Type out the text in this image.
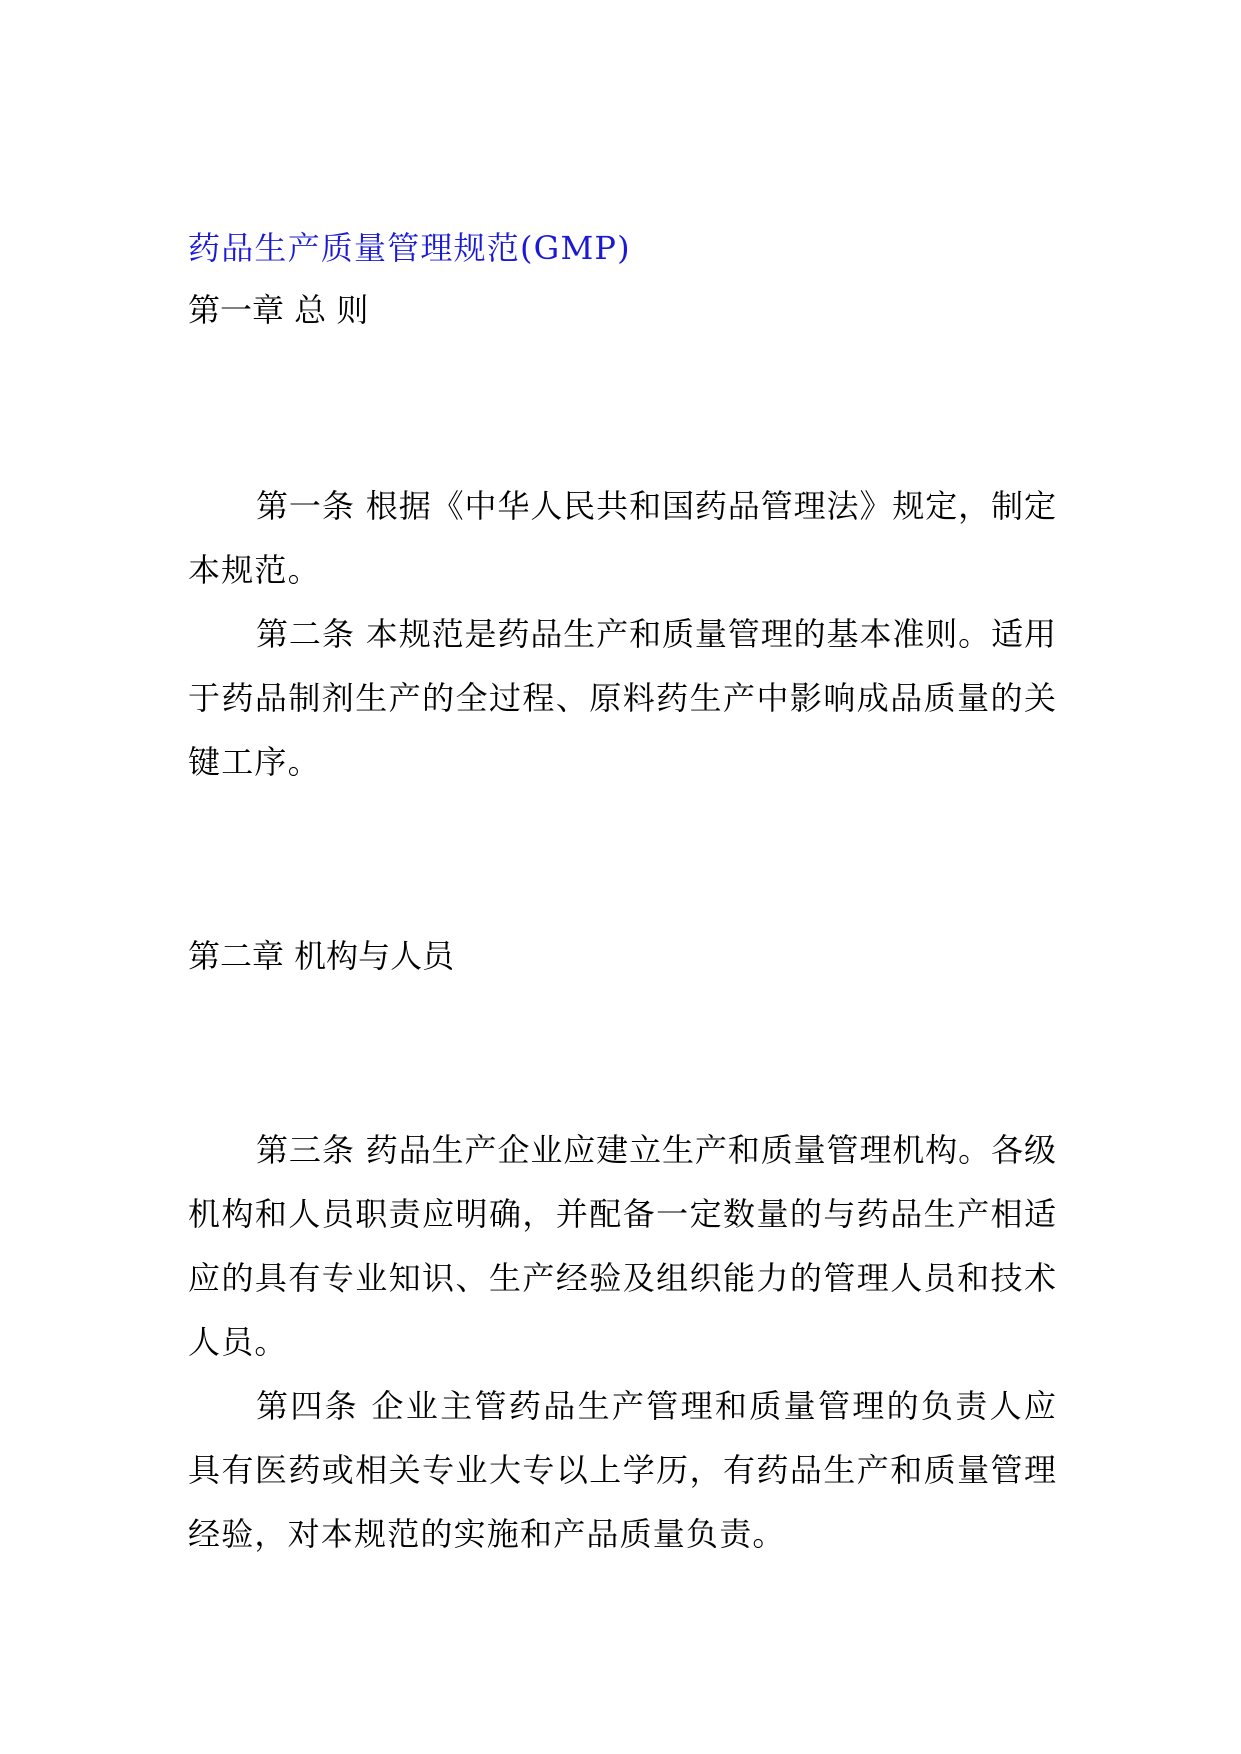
药品生产质量管理规范(GMP)
第一章 总 则
第一条 根据《中华人民共和国药品管理法》规定，制定
本规范。
第二条 本规范是药品生产和质量管理的基本准则。适用
于药品制剂生产的全过程、原料药生产中影响成品质量的关
键工序。
第二章 机构与人员
第三条 药品生产企业应建立生产和质量管理机构。各级
机构和人员职责应明确，并配备一定数量的与药品生产相适
应的具有专业知识、生产经验及组织能力的管理人员和技术
人员。
第四条 企业主管药品生产管理和质量管理的负责人应
具有医药或相关专业大专以上学历，有药品生产和质量管理
经验，对本规范的实施和产品质量负责。
